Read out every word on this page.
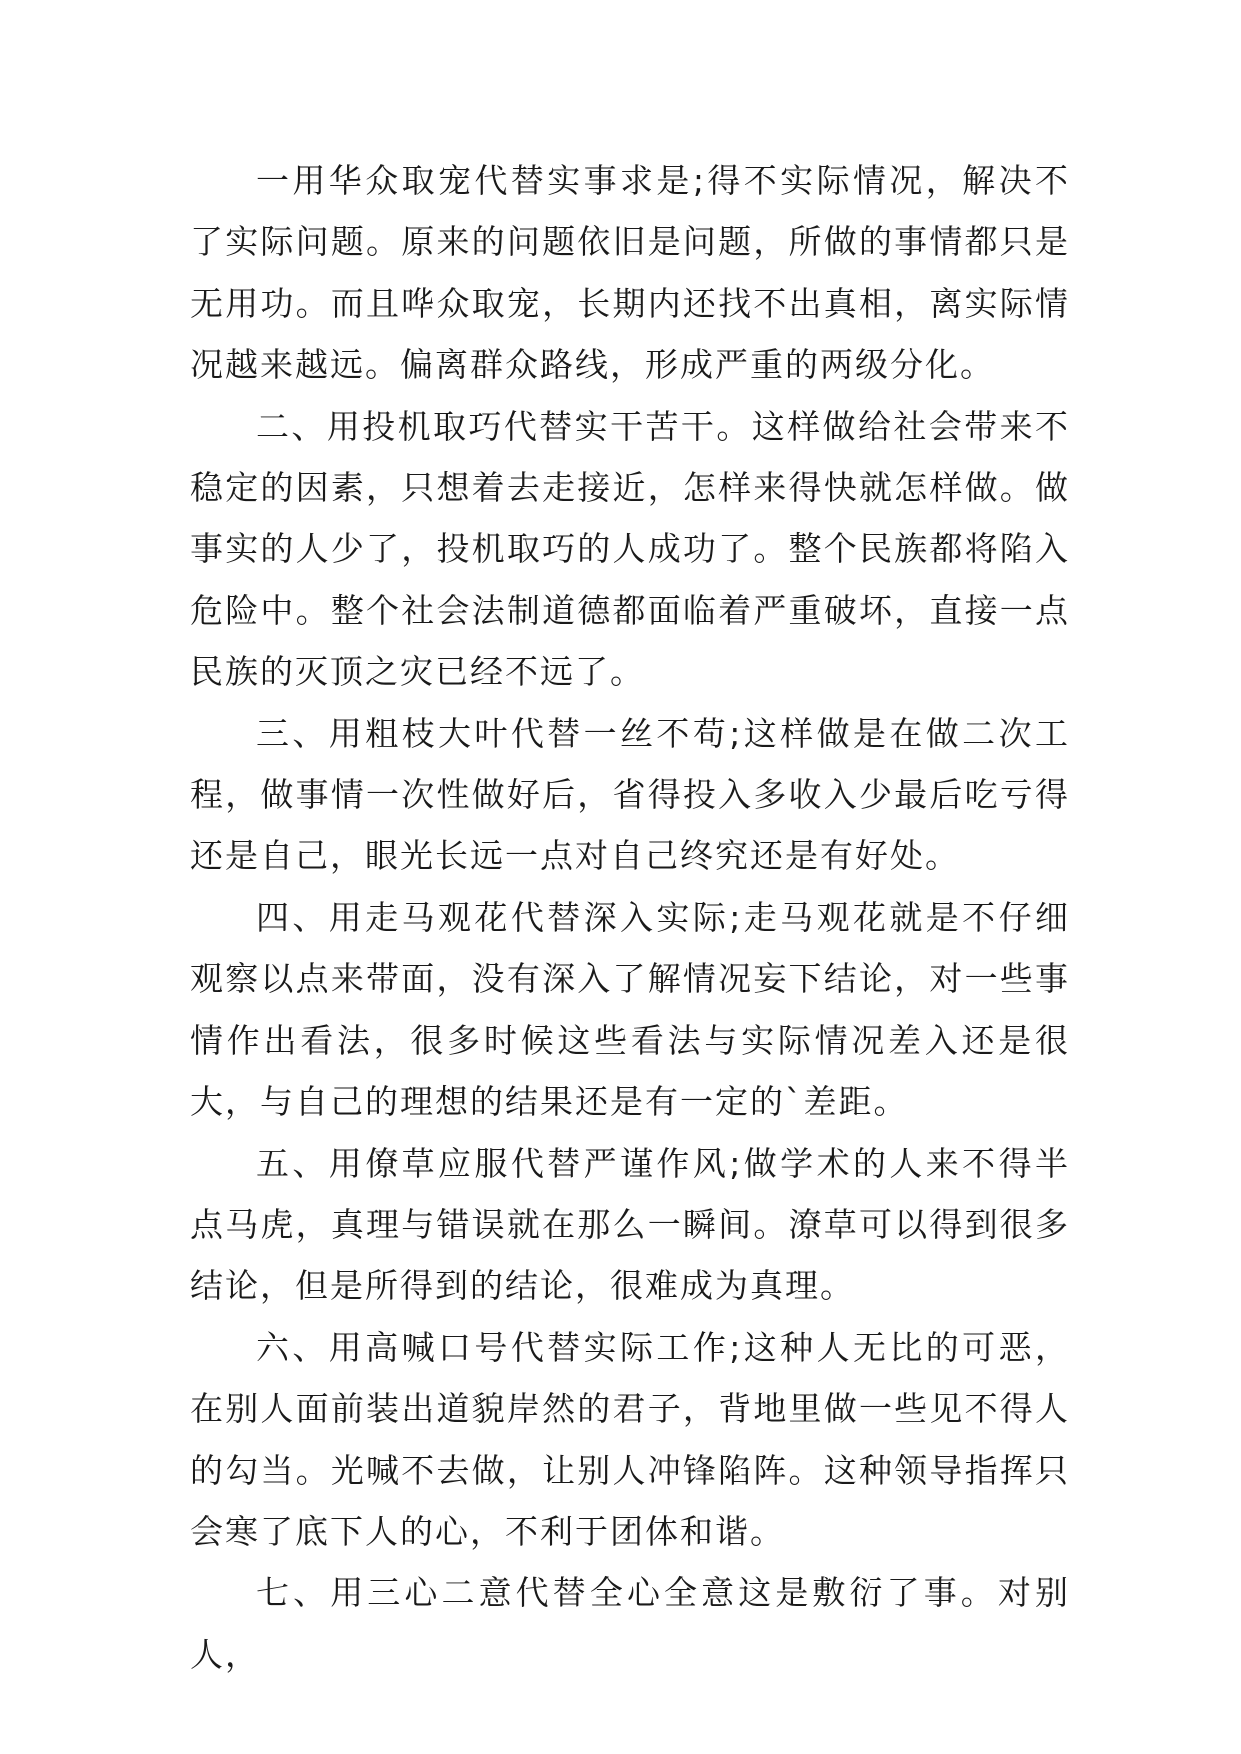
一用华众取宠代替实事求是;得不实际情况，解决不了实际问题。原来的问题依旧是问题，所做的事情都只是无用功。而且哗众取宠，长期内还找不出真相，离实际情况越来越远。偏离群众路线，形成严重的两级分化。

二、用投机取巧代替实干苦干。这样做给社会带来不稳定的因素，只想着去走接近，怎样来得快就怎样做。做事实的人少了，投机取巧的人成功了。整个民族都将陷入危险中。整个社会法制道德都面临着严重破坏，直接一点民族的灭顶之灾已经不远了。

三、用粗枝大叶代替一丝不苟;这样做是在做二次工程，做事情一次性做好后，省得投入多收入少最后吃亏得还是自己，眼光长远一点对自己终究还是有好处。

四、用走马观花代替深入实际;走马观花就是不仔细观察以点来带面，没有深入了解情况妄下结论，对一些事情作出看法，很多时候这些看法与实际情况差入还是很大，与自己的理想的结果还是有一定的`差距。

五、用僚草应服代替严谨作风;做学术的人来不得半点马虎，真理与错误就在那么一瞬间。潦草可以得到很多结论，但是所得到的结论，很难成为真理。

六、用高喊口号代替实际工作;这种人无比的可恶，在别人面前装出道貌岸然的君子，背地里做一些见不得人的勾当。光喊不去做，让别人冲锋陷阵。这种领导指挥只会寒了底下人的心，不利于团体和谐。

七、用三心二意代替全心全意这是敷衍了事。对别人，
